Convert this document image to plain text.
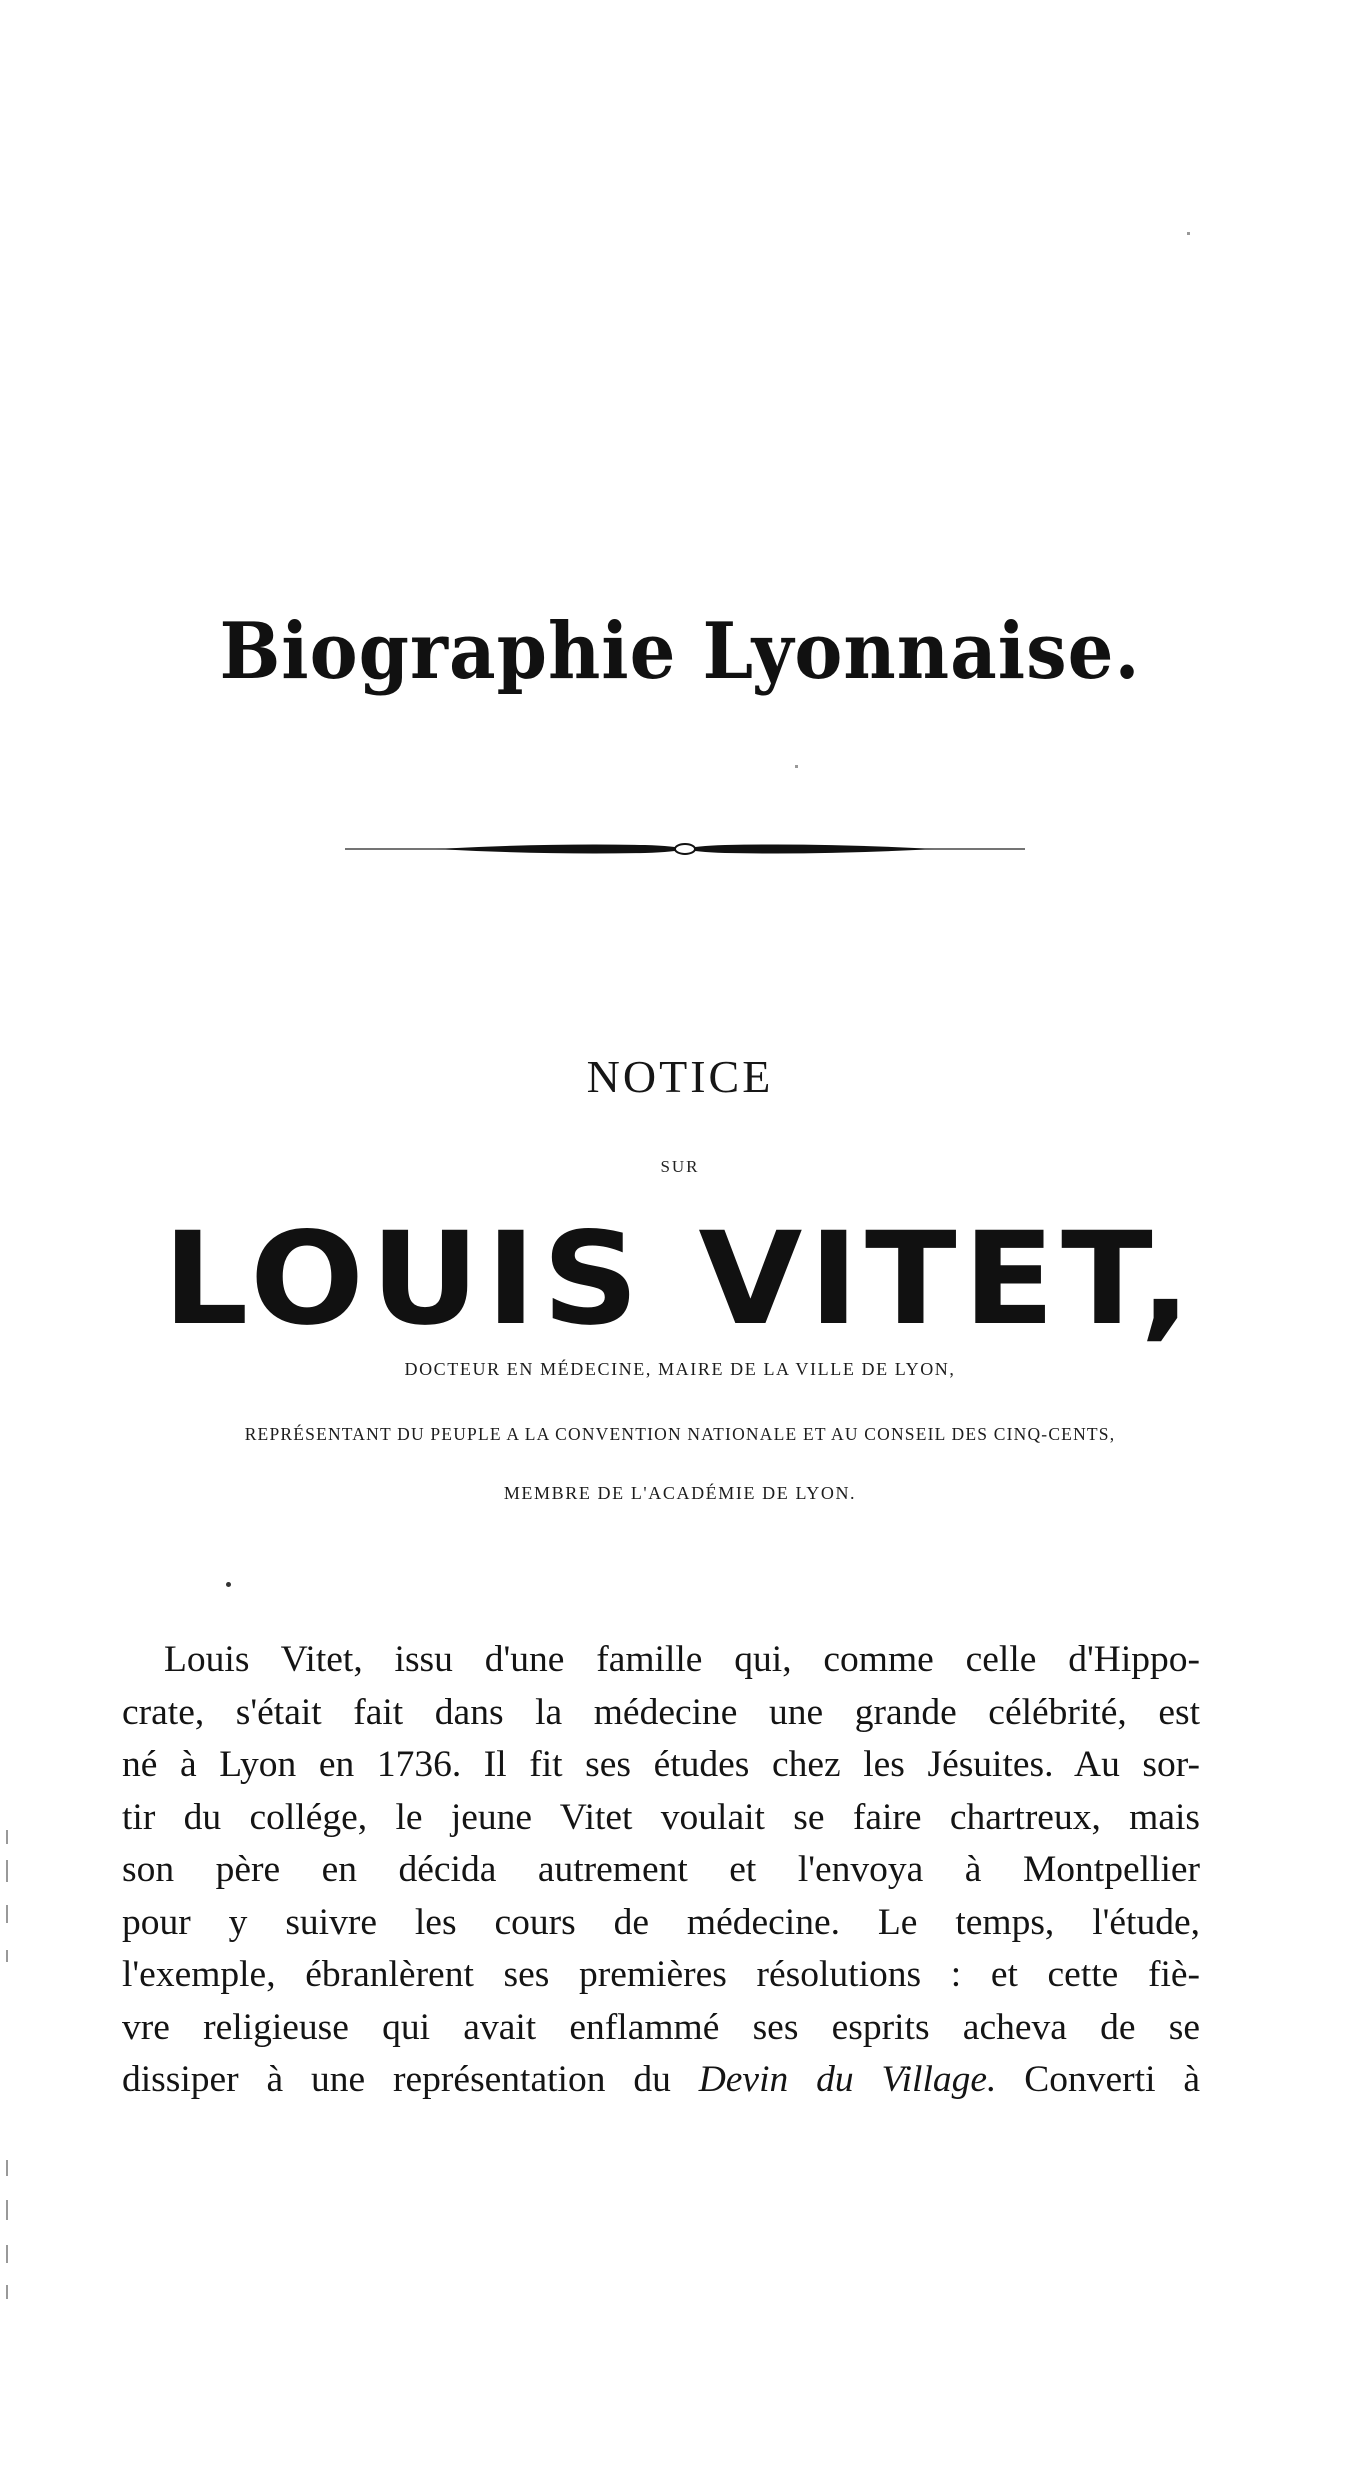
Biographie Lyonnaise.
NOTICE
SUR
LOUIS VITET,
DOCTEUR EN MÉDECINE, MAIRE DE LA VILLE DE LYON,
REPRÉSENTANT DU PEUPLE A LA CONVENTION NATIONALE ET AU CONSEIL DES CINQ-CENTS,
MEMBRE DE L'ACADÉMIE DE LYON.
Louis Vitet, issu d'une famille qui, comme celle d'Hippo-
crate, s'était fait dans la médecine une grande célébrité, est
né à Lyon en 1736. Il fit ses études chez les Jésuites. Au sor-
tir du collége, le jeune Vitet voulait se faire chartreux, mais
son père en décida autrement et l'envoya à Montpellier
pour y suivre les cours de médecine. Le temps, l'étude,
l'exemple, ébranlèrent ses premières résolutions : et cette fiè-
vre religieuse qui avait enflammé ses esprits acheva de se
dissiper à une représentation du Devin du Village. Converti à
